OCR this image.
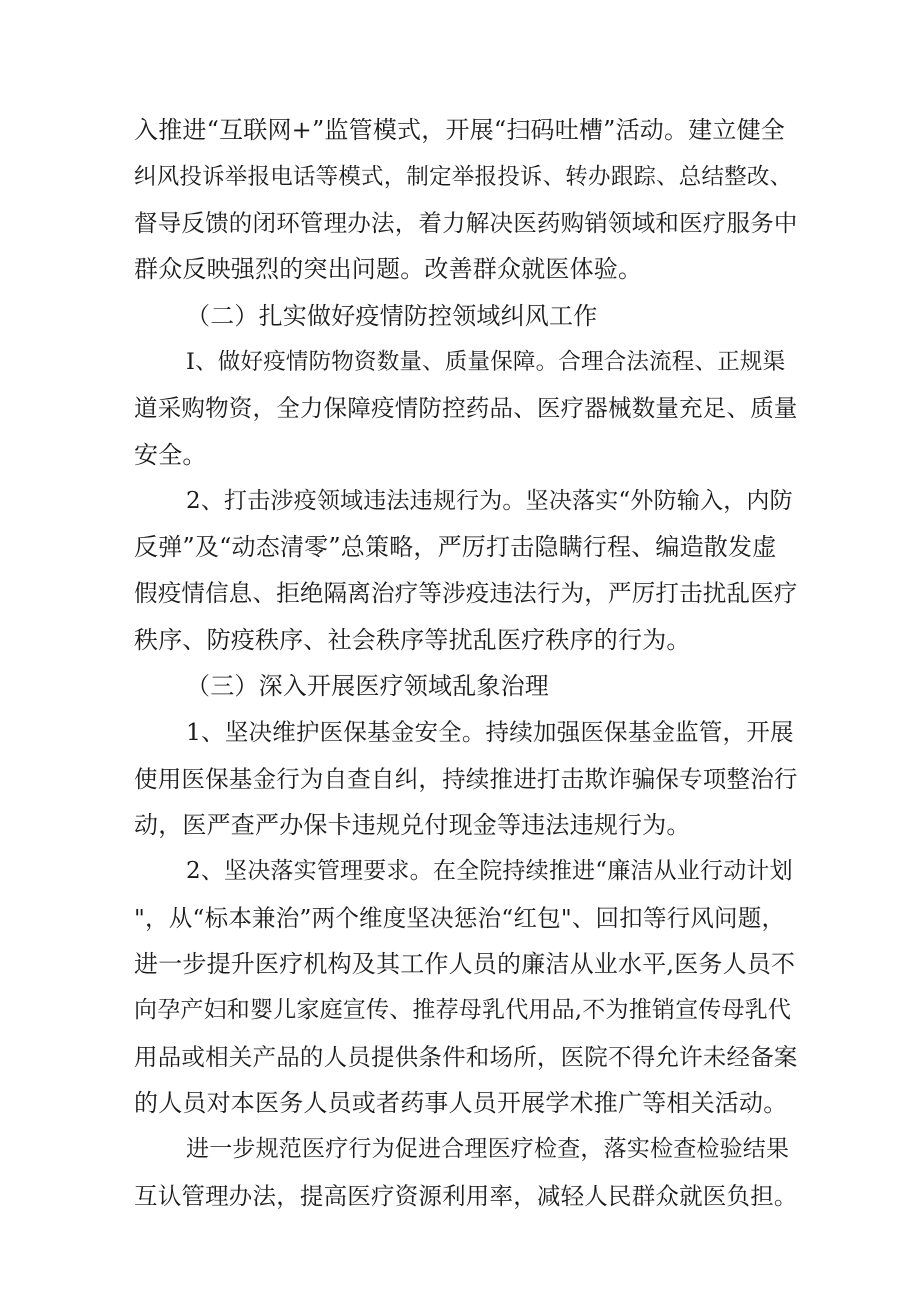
入推进“互联网+”监管模式，开展“扫码吐槽”活动。建立健全
纠风投诉举报电话等模式，制定举报投诉、转办跟踪、总结整改、
督导反馈的闭环管理办法，着力解决医药购销领域和医疗服务中
群众反映强烈的突出问题。改善群众就医体验。
（二）扎实做好疫情防控领域纠风工作
I、做好疫情防物资数量、质量保障。合理合法流程、正规渠
道采购物资，全力保障疫情防控药品、医疗器械数量充足、质量
安全。
2、打击涉疫领域违法违规行为。坚决落实“外防输入，内防
反弹”及“动态清零”总策略，严厉打击隐瞒行程、编造散发虚
假疫情信息、拒绝隔离治疗等涉疫违法行为，严厉打击扰乱医疗
秩序、防疫秩序、社会秩序等扰乱医疗秩序的行为。
（三）深入开展医疗领域乱象治理
1、坚决维护医保基金安全。持续加强医保基金监管，开展
使用医保基金行为自查自纠，持续推进打击欺诈骗保专项整治行
动，医严查严办保卡违规兑付现金等违法违规行为。
2、坚决落实管理要求。在全院持续推进“廉洁从业行动计划
"，从“标本兼治”两个维度坚决惩治“红包"、回扣等行风问题，
进一步提升医疗机构及其工作人员的廉洁从业水平,医务人员不
向孕产妇和婴儿家庭宣传、推荐母乳代用品,不为推销宣传母乳代
用品或相关产品的人员提供条件和场所，医院不得允许未经备案
的人员对本医务人员或者药事人员开展学术推广等相关活动。
进一步规范医疗行为促进合理医疗检查，落实检查检验结果
互认管理办法，提高医疗资源利用率，减轻人民群众就医负担。
